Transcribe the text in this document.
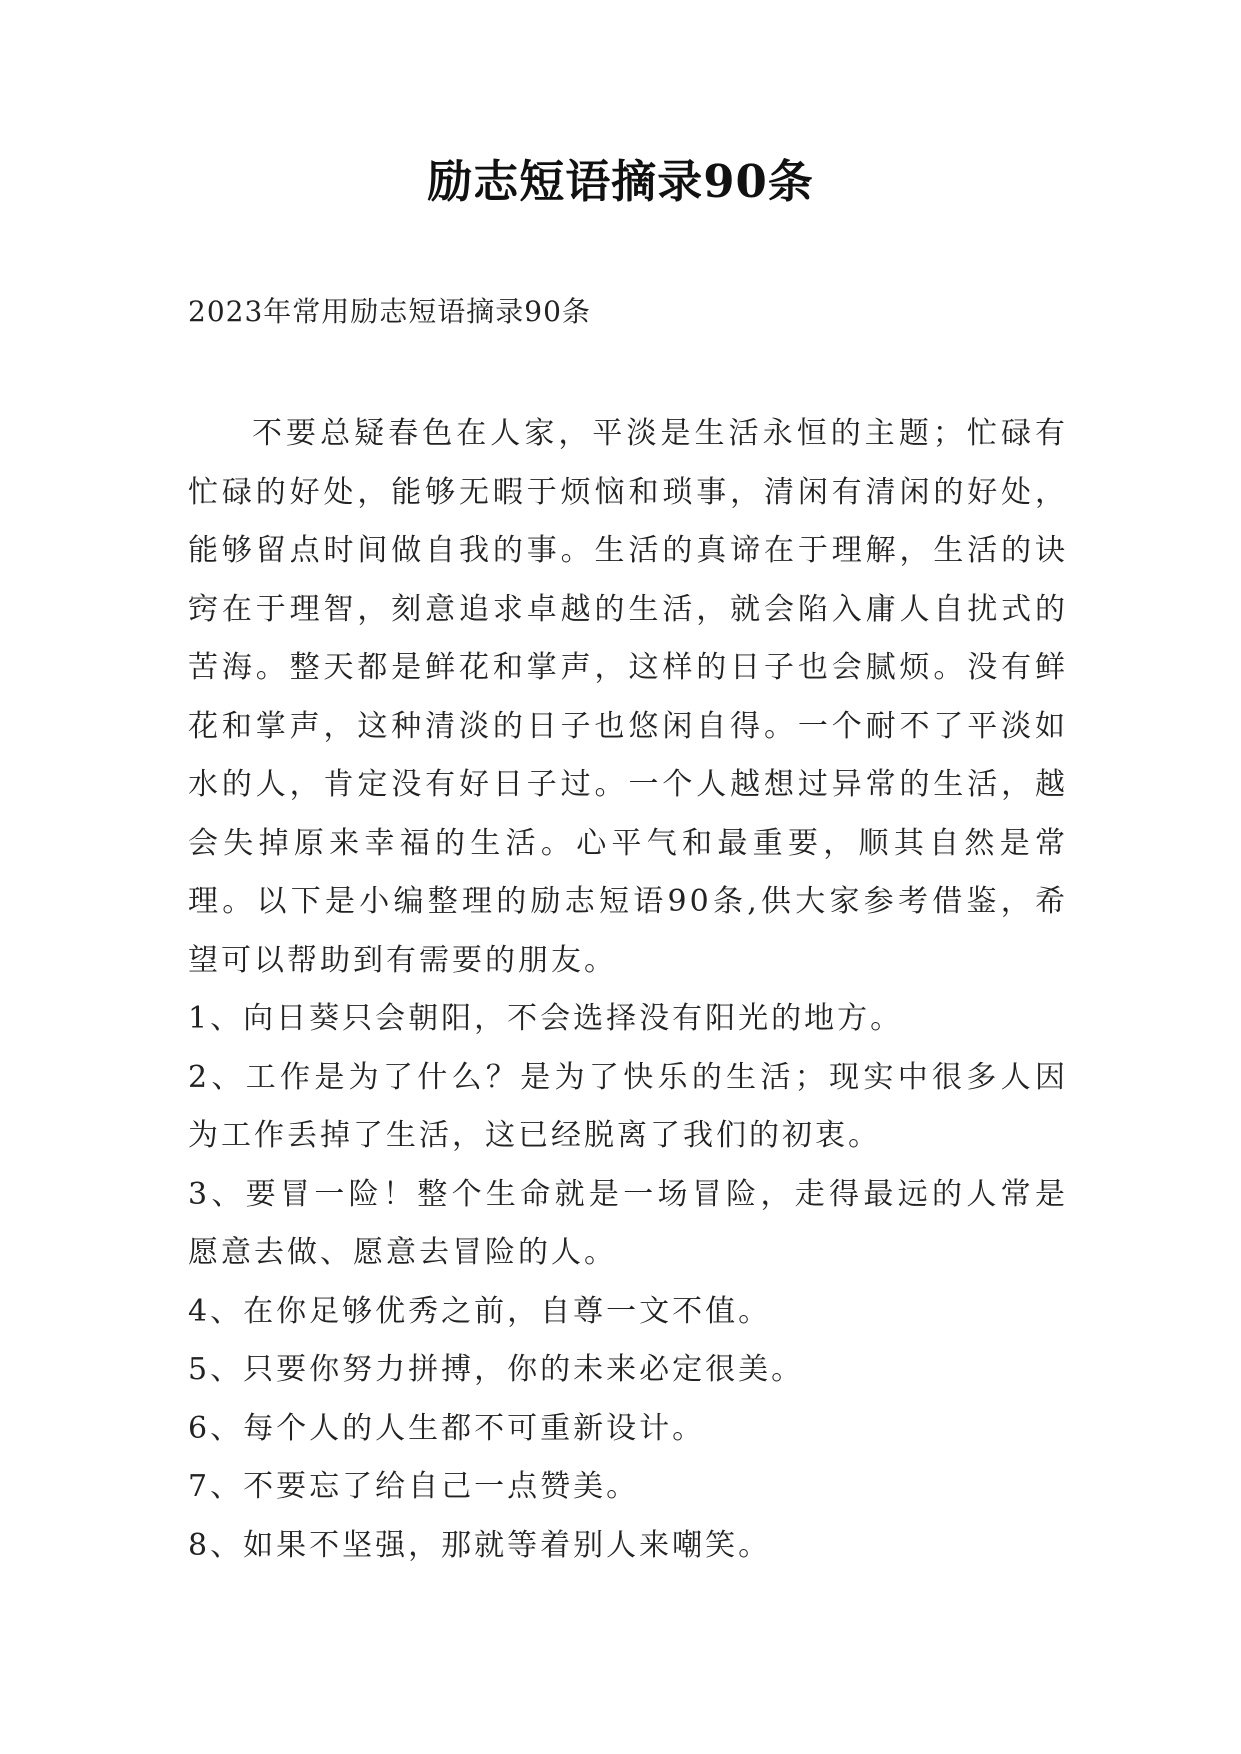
励志短语摘录90条
2023年常用励志短语摘录90条

不要总疑春色在人家，平淡是生活永恒的主题；忙碌有忙碌的好处，能够无暇于烦恼和琐事，清闲有清闲的好处，能够留点时间做自我的事。生活的真谛在于理解，生活的诀窍在于理智，刻意追求卓越的生活，就会陷入庸人自扰式的苦海。整天都是鲜花和掌声，这样的日子也会腻烦。没有鲜花和掌声，这种清淡的日子也悠闲自得。一个耐不了平淡如水的人，肯定没有好日子过。一个人越想过异常的生活，越会失掉原来幸福的生活。心平气和最重要，顺其自然是常理。以下是小编整理的励志短语90条,供大家参考借鉴，希望可以帮助到有需要的朋友。

1、向日葵只会朝阳，不会选择没有阳光的地方。

2、工作是为了什么？是为了快乐的生活；现实中很多人因为工作丢掉了生活，这已经脱离了我们的初衷。

3、要冒一险！整个生命就是一场冒险，走得最远的人常是愿意去做、愿意去冒险的人。

4、在你足够优秀之前，自尊一文不值。

5、只要你努力拼搏，你的未来必定很美。

6、每个人的人生都不可重新设计。

7、不要忘了给自己一点赞美。

8、如果不坚强，那就等着别人来嘲笑。
